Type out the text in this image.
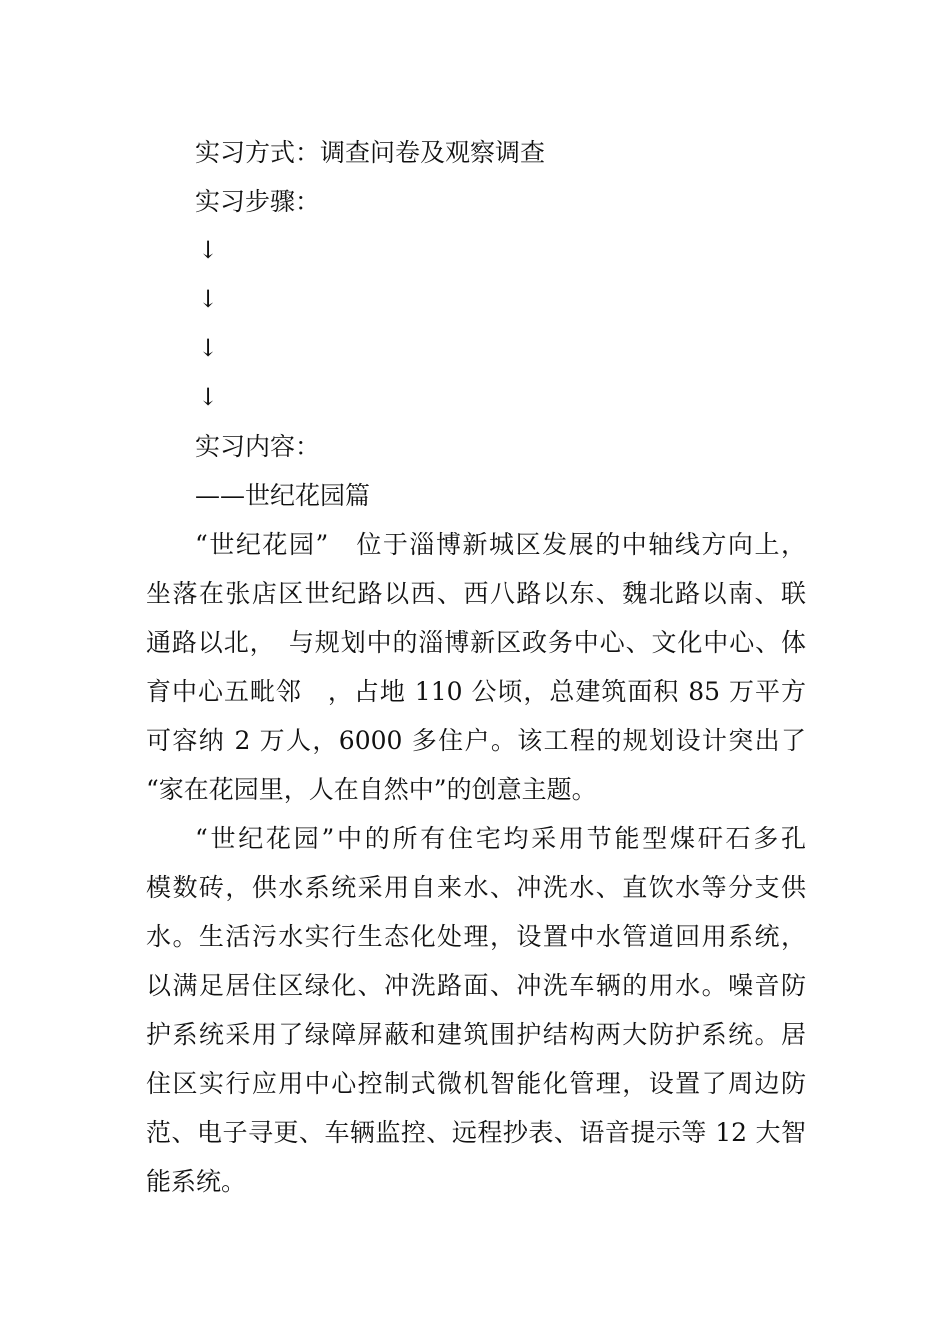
实习方式：调查问卷及观察调查

实习步骤：

↓

↓

↓

↓

实习内容：

——世纪花园篇

“世纪花园”　位于淄博新城区发展的中轴线方向上，
坐落在张店区世纪路以西、西八路以东、魏北路以南、联
通路以北，　与规划中的淄博新区政务中心、文化中心、体
育中心五毗邻　，占地 110 公顷，总建筑面积 85 万平方
可容纳 2 万人，6000 多住户。该工程的规划设计突出了

“家在花园里，人在自然中”的创意主题。

“世纪花园”中的所有住宅均采用节能型煤矸石多孔
模数砖，供水系统采用自来水、冲洗水、直饮水等分支供
水。生活污水实行生态化处理，设置中水管道回用系统，
以满足居住区绿化、冲洗路面、冲洗车辆的用水。噪音防
护系统采用了绿障屏蔽和建筑围护结构两大防护系统。居
住区实行应用中心控制式微机智能化管理，设置了周边防
范、电子寻更、车辆监控、远程抄表、语音提示等 12 大智

能系统。
